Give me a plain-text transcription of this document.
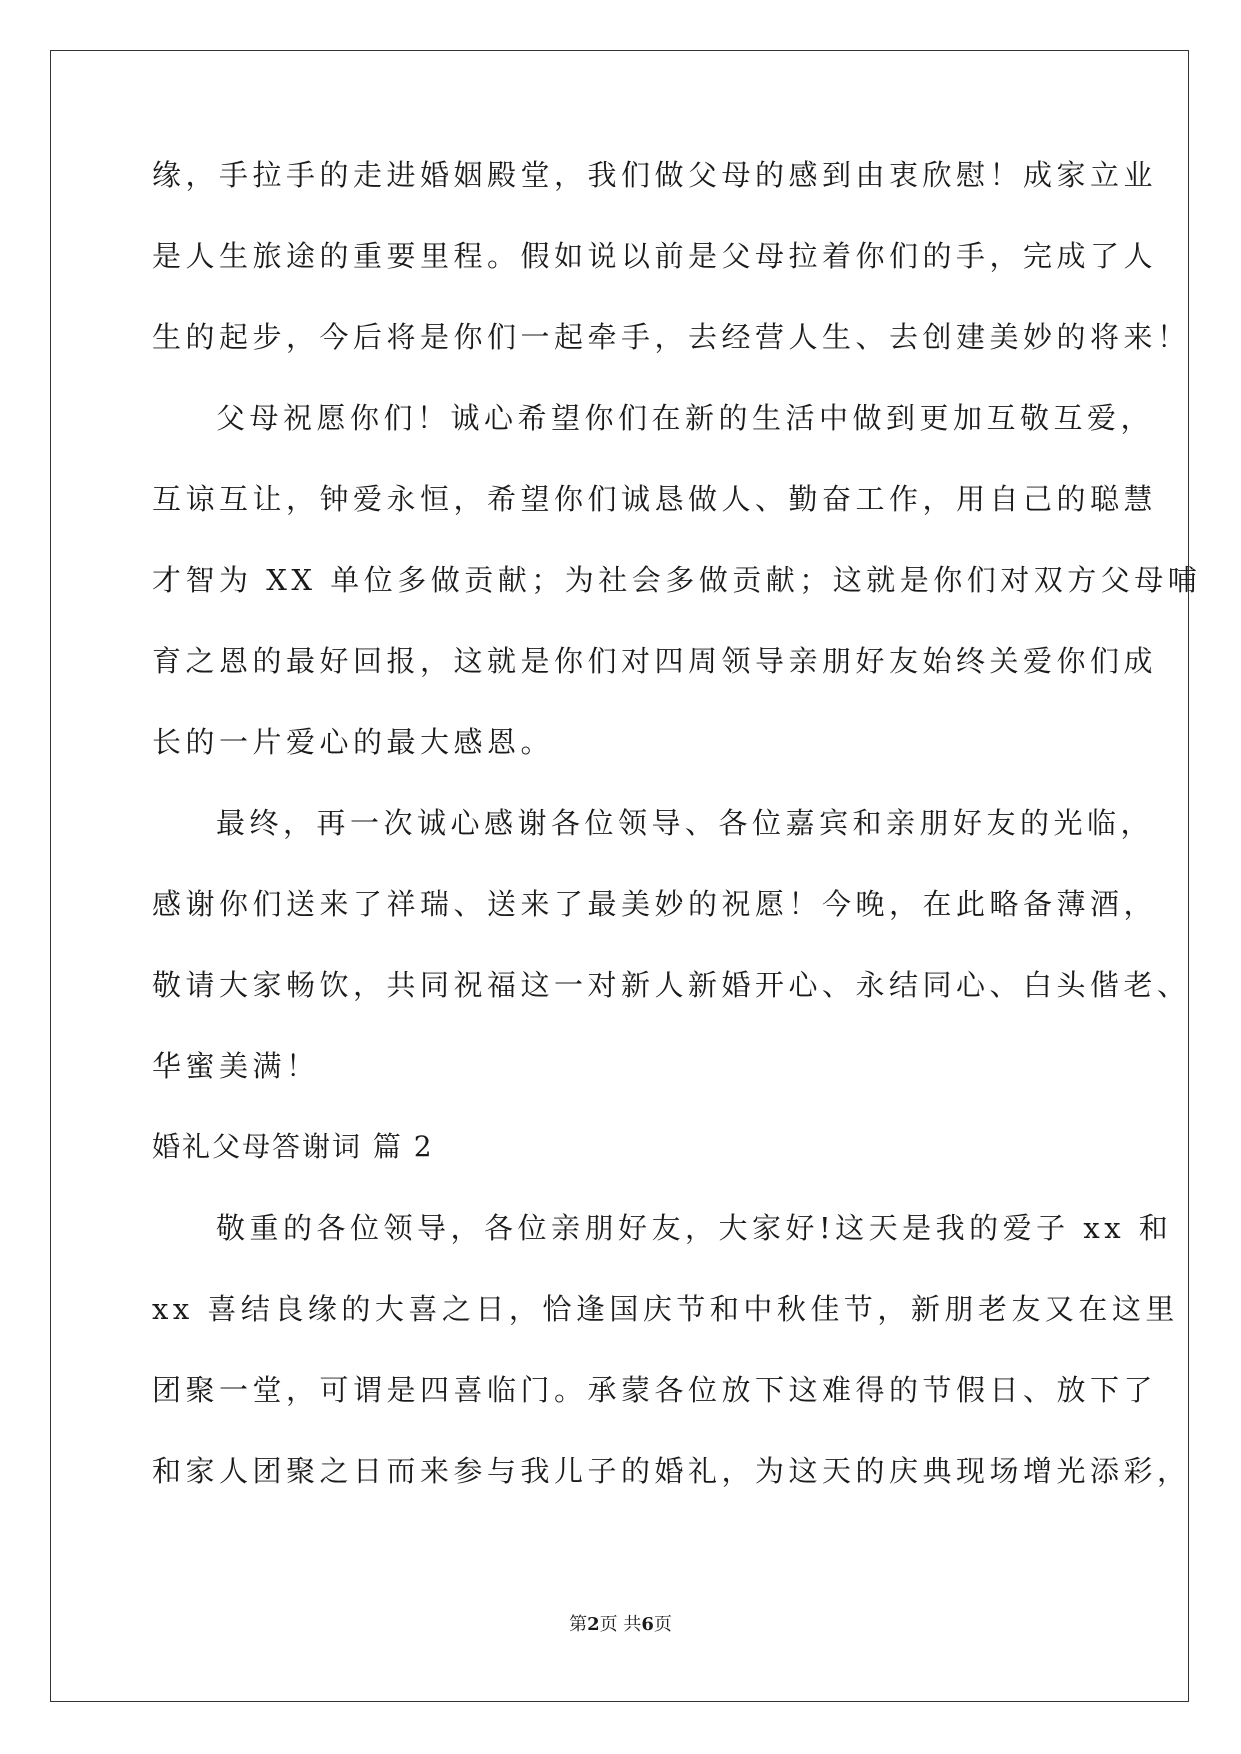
缘，手拉手的走进婚姻殿堂，我们做父母的感到由衷欣慰！成家立业
是人生旅途的重要里程。假如说以前是父母拉着你们的手，完成了人
生的起步，今后将是你们一起牵手，去经营人生、去创建美妙的将来！
父母祝愿你们！诚心希望你们在新的生活中做到更加互敬互爱，
互谅互让，钟爱永恒，希望你们诚恳做人、勤奋工作，用自己的聪慧
才智为 XX 单位多做贡献；为社会多做贡献；这就是你们对双方父母哺
育之恩的最好回报，这就是你们对四周领导亲朋好友始终关爱你们成
长的一片爱心的最大感恩。
最终，再一次诚心感谢各位领导、各位嘉宾和亲朋好友的光临，
感谢你们送来了祥瑞、送来了最美妙的祝愿！今晚，在此略备薄酒，
敬请大家畅饮，共同祝福这一对新人新婚开心、永结同心、白头偕老、
华蜜美满！
婚礼父母答谢词 篇 2
敬重的各位领导，各位亲朋好友，大家好!这天是我的爱子 xx 和
xx 喜结良缘的大喜之日，恰逢国庆节和中秋佳节，新朋老友又在这里
团聚一堂，可谓是四喜临门。承蒙各位放下这难得的节假日、放下了
和家人团聚之日而来参与我儿子的婚礼，为这天的庆典现场增光添彩，
第2页 共6页
